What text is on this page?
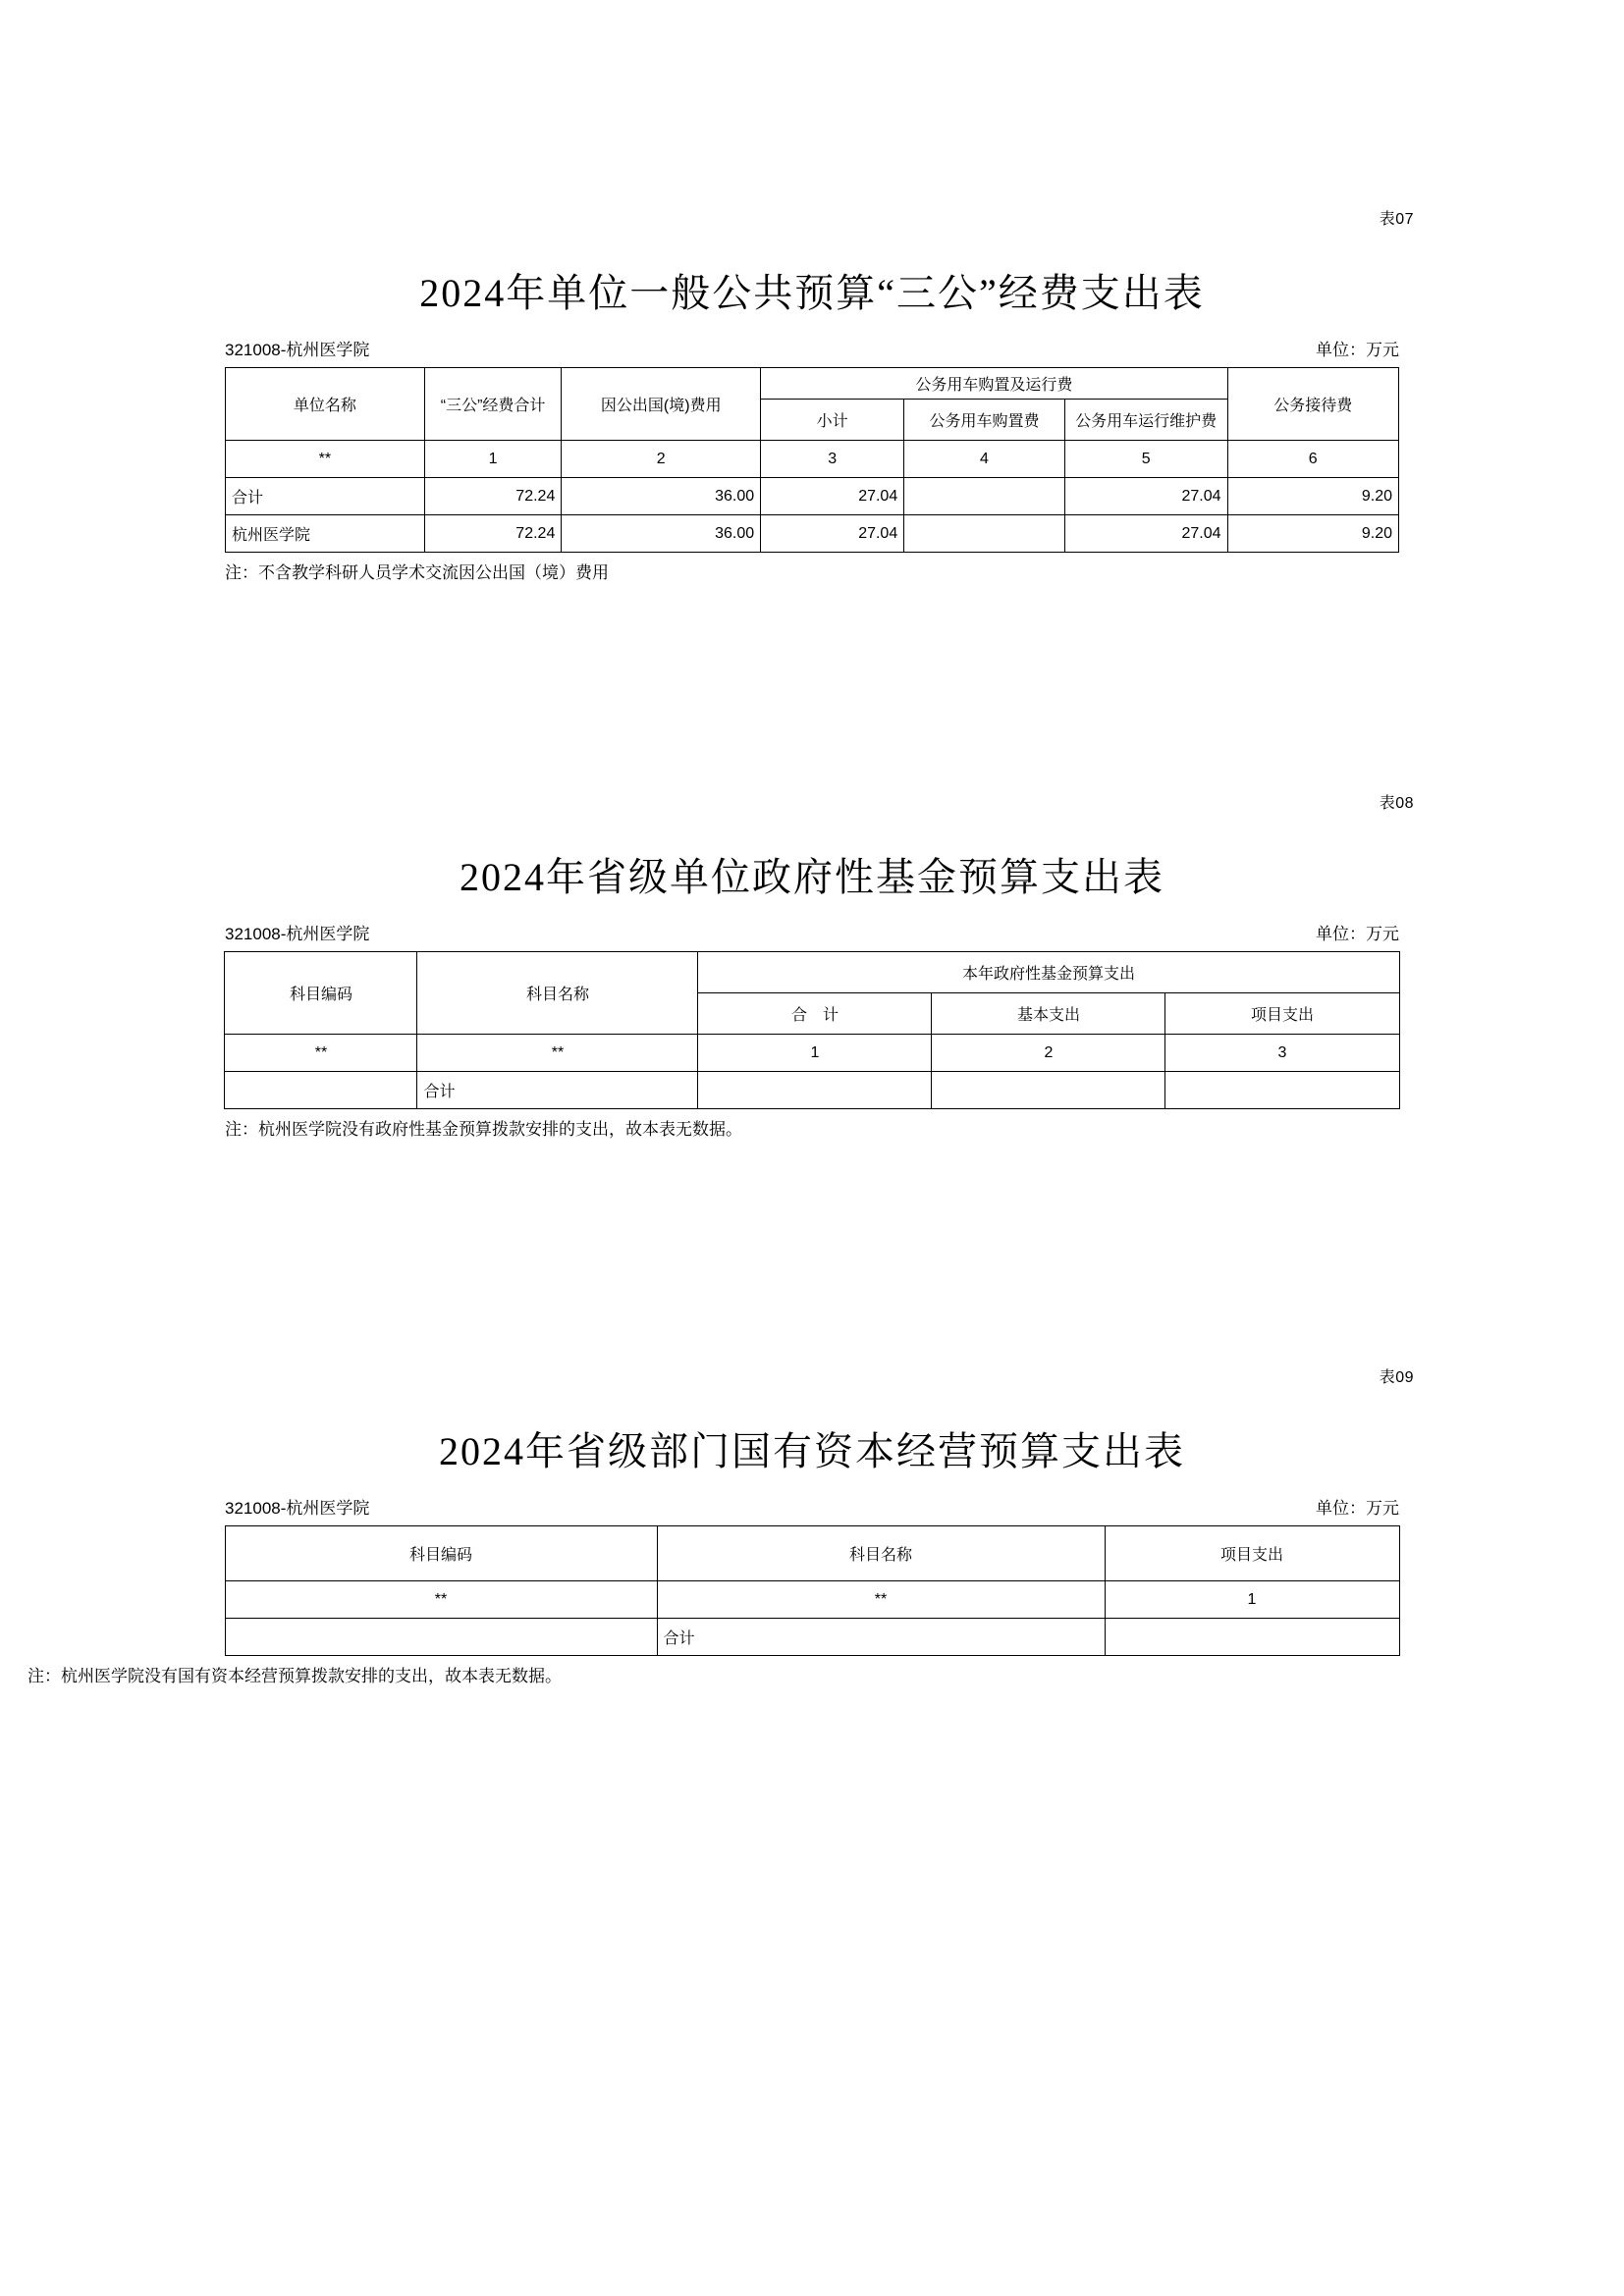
表07
2024年单位一般公共预算“三公”经费支出表
321008-杭州医学院	单位：万元
单位名称	“三公”经费合计	因公出国(境)费用	公务用车购置及运行费			公务接待费
			小计	公务用车购置费	公务用车运行维护费	
**	1	2	3	4	5	6
合计	72.24	36.00	27.04		27.04	9.20
杭州医学院	72.24	36.00	27.04		27.04	9.20
注：不含教学科研人员学术交流因公出国（境）费用
表08
2024年省级单位政府性基金预算支出表
321008-杭州医学院	单位：万元
科目编码	科目名称	本年政府性基金预算支出		
		合　计	基本支出	项目支出
**	**	1	2	3
	合计			
注：杭州医学院没有政府性基金预算拨款安排的支出，故本表无数据。
表09
2024年省级部门国有资本经营预算支出表
321008-杭州医学院	单位：万元
科目编码	科目名称	项目支出
**	**	1
	合计	
注：杭州医学院没有国有资本经营预算拨款安排的支出，故本表无数据。
